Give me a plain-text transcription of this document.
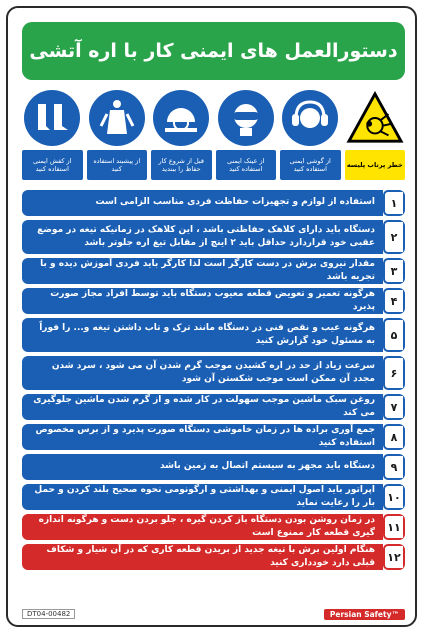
دستورالعمل های ایمنی کار با اره آتشی
خطر پرتاب پلیسه
از گوشی ایمنی استفاده کنید
از عینک ایمنی استفاده کنید
قبل از شروع کار حفاظ را ببندید
از پیشبند استفاده کنید
از کفش ایمنی استفاده کنید
۱
استفاده از لوازم و تجهیزات حفاظت فردی مناسب الزامی است
۲
دستگاه باید دارای کلاهک حفاظتی باشد ، این کلاهک در زمانیکه تیغه در موضع عقبی خود قراردارد حداقل باید ۲ اینچ از مقابل تیغ اره جلوتر باشد
۳
مقدار نیروی برش در دست کارگر است لذا کارگر باید فردی آموزش دیده و با تجربه باشد
۴
هرگونه تعمیر و تعویض قطعه معیوب دستگاه باید توسط افراد مجاز صورت پذیرد
۵
هرگونه عیب و نقص فنی در دستگاه مانند ترک و تاب داشتن تیغه و... را فوراً به مسئول خود گزارش کنید
۶
سرعت زیاد از حد در اره کشیدن موجب گرم شدن آن می شود ، سرد شدن مجدد آن ممکن است موجب شکستن آن شود
۷
روغن سبک ماشین موجب سهولت در کار شده و از گرم شدن ماشین جلوگیری می کند
۸
جمع آوری براده ها در زمان خاموشی دستگاه صورت پذیرد و از برس مخصوص استفاده کنید
۹
دستگاه باید مجهز به سیستم اتصال به زمین باشد
۱۰
اپراتور باید اصول ایمنی و بهداشتی و ارگونومی نحوه صحیح بلند کردن و حمل بار را رعایت نماید
۱۱
در زمان روشن بودن دستگاه باز کردن گیره ، جلو بردن دست و هرگونه اندازه گیری قطعه کار ممنوع است
۱۲
هنگام اولین برش با تیغه جدید از بریدن قطعه کاری که در آن شیار و شکاف قبلی دارد خودداری کنید
DT04-00482	Persian Safety™
